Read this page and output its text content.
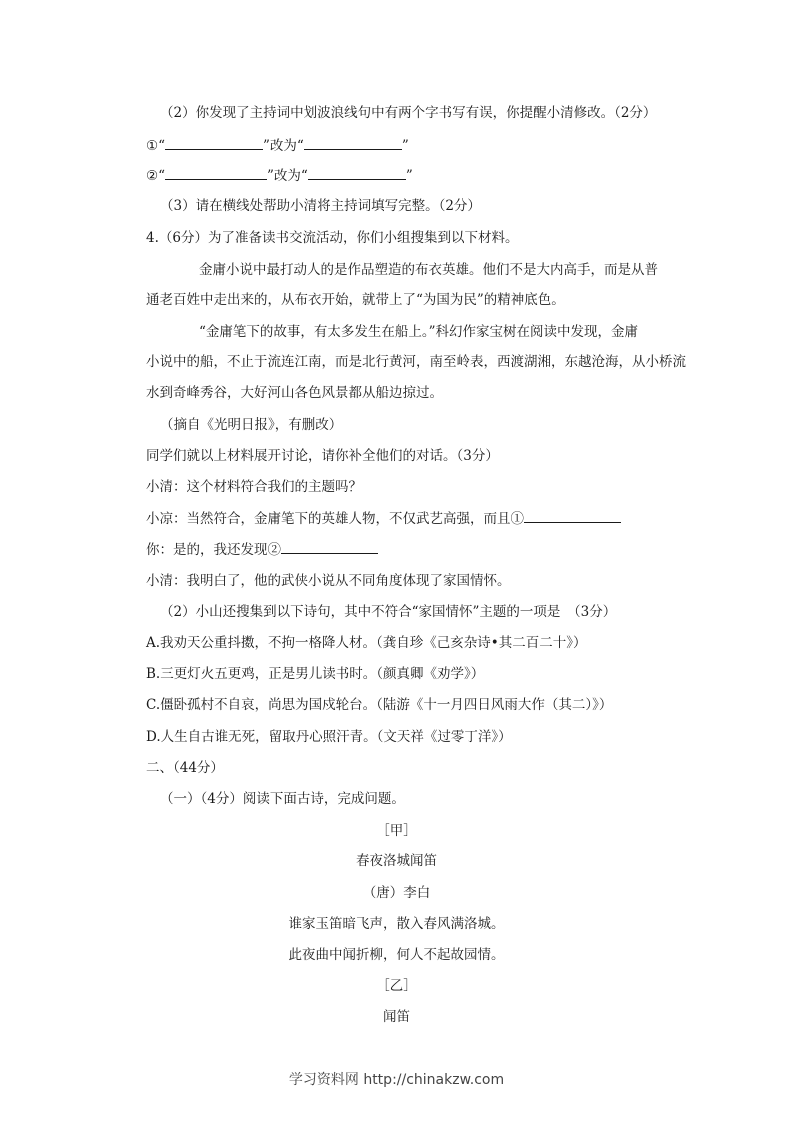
（2）你发现了主持词中划波浪线句中有两个字书写有误，你提醒小清修改。（2分）
①“	”改为“	”
②“	”改为“	”
（3）请在横线处帮助小清将主持词填写完整。（2分）
4.（6分）为了准备读书交流活动，你们小组搜集到以下材料。
金庸小说中最打动人的是作品塑造的布衣英雄。他们不是大内高手，而是从普
通老百姓中走出来的，从布衣开始，就带上了“为国为民”的精神底色。
“金庸笔下的故事，有太多发生在船上。”科幻作家宝树在阅读中发现，金庸
小说中的船，不止于流连江南，而是北行黄河，南至岭表，西渡湖湘，东越沧海，从小桥流
水到奇峰秀谷，大好河山各色风景都从船边掠过。
（摘自《光明日报》，有删改）
同学们就以上材料展开讨论，请你补全他们的对话。（3分）
小清：这个材料符合我们的主题吗？
小凉：当然符合，金庸笔下的英雄人物，不仅武艺高强，而且①
你：是的，我还发现②
小清：我明白了，他的武侠小说从不同角度体现了家国情怀。
（2）小山还搜集到以下诗句，其中不符合“家国情怀”主题的一项是　（3分）
A.我劝天公重抖擞，不拘一格降人材。（龚自珍《己亥杂诗•其二百二十》）
B.三更灯火五更鸡，正是男儿读书时。（颜真卿《劝学》）
C.僵卧孤村不自哀，尚思为国戍轮台。（陆游《十一月四日风雨大作（其二）》）
D.人生自古谁无死，留取丹心照汗青。（文天祥《过零丁洋》）
二、（44分）
（一）（4分）阅读下面古诗，完成问题。
［甲］
春夜洛城闻笛
（唐）李白
谁家玉笛暗飞声，散入春风满洛城。
此夜曲中闻折柳，何人不起故园情。
［乙］
闻笛
学习资料网 http://chinakzw.com
